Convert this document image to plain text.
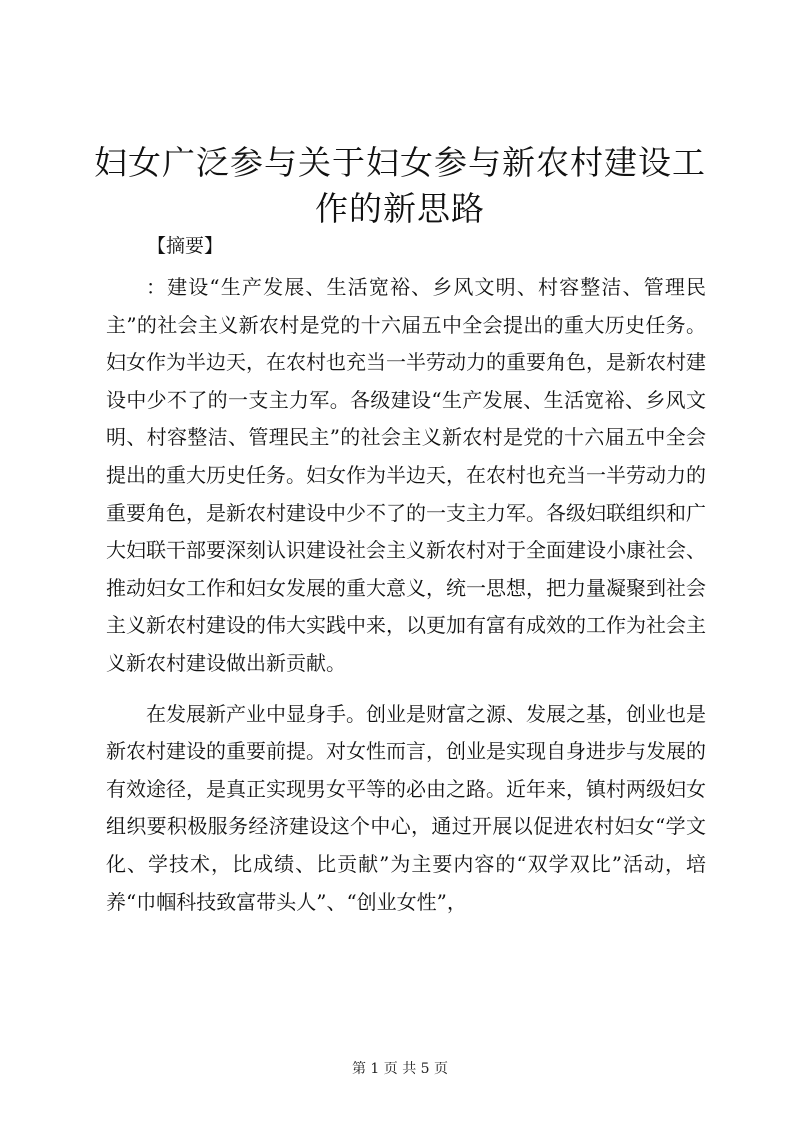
妇女广泛参与关于妇女参与新农村建设工作的新思路

【摘要】

：建设“生产发展、生活宽裕、乡风文明、村容整洁、管理民主”的社会主义新农村是党的十六届五中全会提出的重大历史任务。妇女作为半边天，在农村也充当一半劳动力的重要角色，是新农村建设中少不了的一支主力军。各级建设“生产发展、生活宽裕、乡风文明、村容整洁、管理民主”的社会主义新农村是党的十六届五中全会提出的重大历史任务。妇女作为半边天，在农村也充当一半劳动力的重要角色，是新农村建设中少不了的一支主力军。各级妇联组织和广大妇联干部要深刻认识建设社会主义新农村对于全面建设小康社会、推动妇女工作和妇女发展的重大意义，统一思想，把力量凝聚到社会主义新农村建设的伟大实践中来，以更加有富有成效的工作为社会主义新农村建设做出新贡献。

在发展新产业中显身手。创业是财富之源、发展之基，创业也是新农村建设的重要前提。对女性而言，创业是实现自身进步与发展的有效途径，是真正实现男女平等的必由之路。近年来，镇村两级妇女组织要积极服务经济建设这个中心，通过开展以促进农村妇女“学文化、学技术，比成绩、比贡献”为主要内容的“双学双比”活动，培养“巾帼科技致富带头人”、“创业女性”，

第 1 页 共 5 页
